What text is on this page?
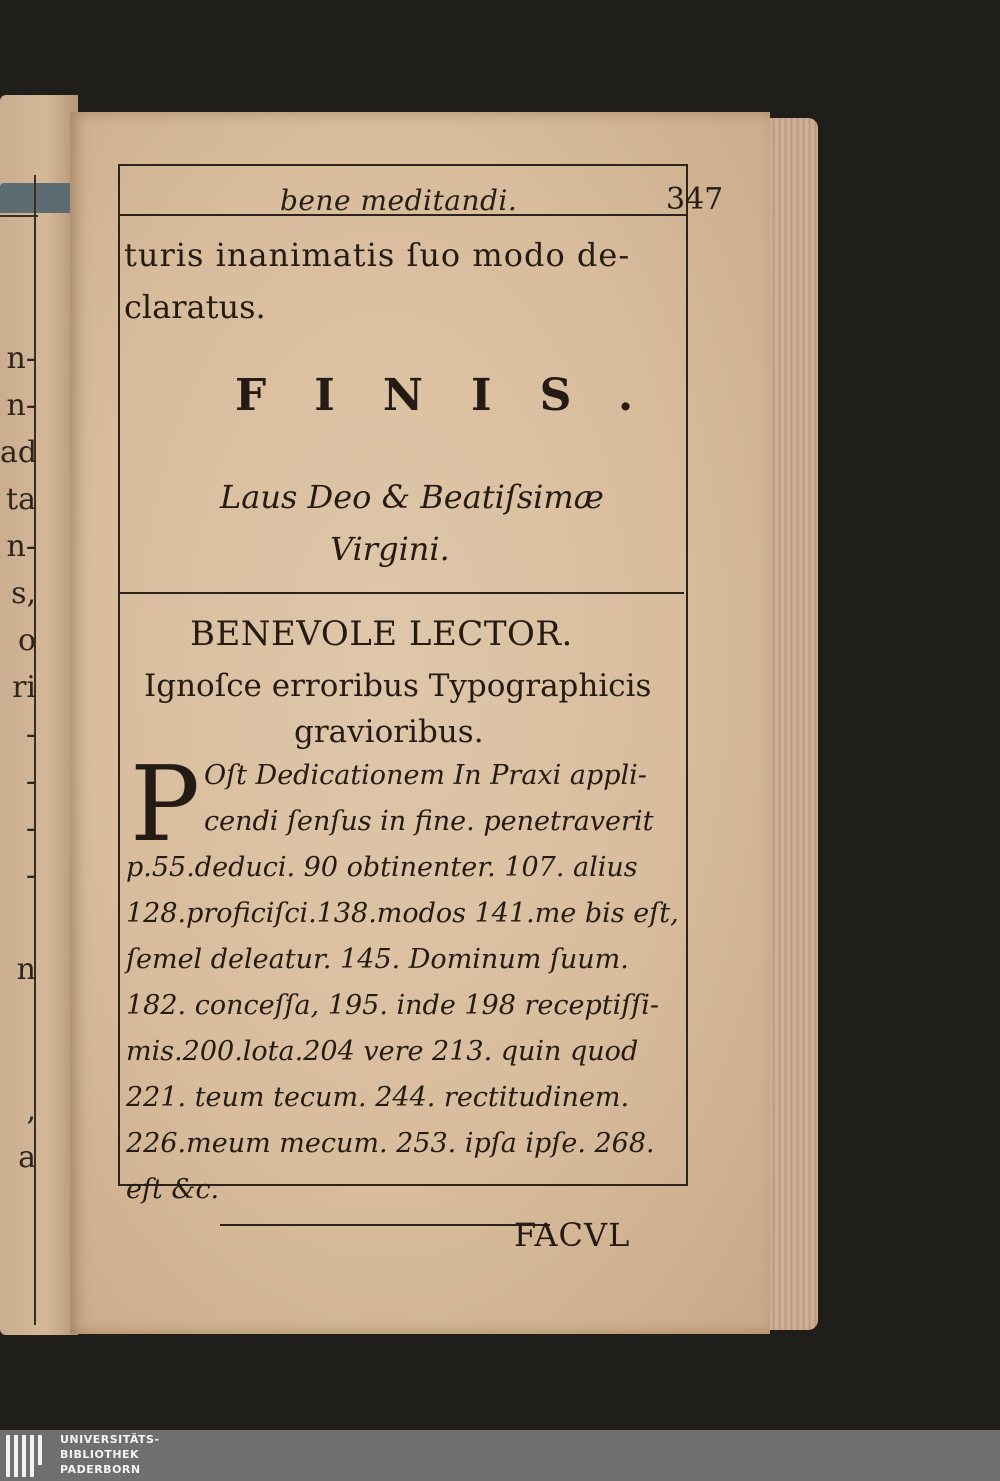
n-
n-
ad
ta
n-
s,
o
ri
-
-
-
-
n
,
a
bene meditandi.	347
turis inanimatis ſuo modo de-
claratus.
FINIS.
Laus Deo & Beatiſsimæ
Virgini.
BENEVOLE LECTOR.
Ignoſce erroribus Typographicis
gravioribus.
P Oſt Dedicationem In Praxi appli-
cendi ſenſus in fine. penetraverit
p.55.deduci. 90 obtinenter. 107. alius
128.proficiſci.138.modos 141.me bis eſt,
ſemel deleatur. 145. Dominum ſuum.
182. conceſſa, 195. inde 198 receptiſſi-
mis.200.lota.204 vere 213. quin quod
221. teum tecum. 244. rectitudinem.
226.meum mecum. 253. ipſa ipſe. 268.
eſt &c.
FACVL
UNIVERSITÄTS-
BIBLIOTHEK
PADERBORN
